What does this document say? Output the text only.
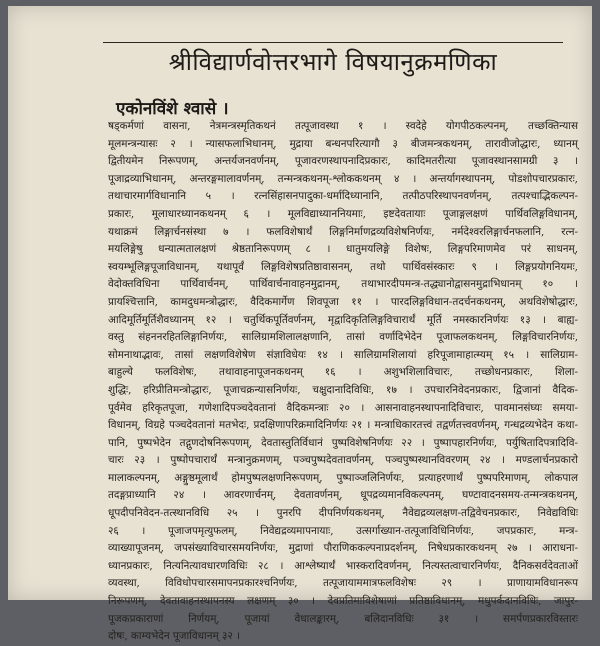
श्रीविद्यार्णवोत्तरभागे विषयानुक्रमणिका
एकोनविंशे श्वासे ।
षड्‌कर्मणां वासना, नेत्रमन्त्रस्मृतिकथनं तत्पूजावस्था १ । स्वदेहे योगपीठकल्पनम्, तच्छक्तिन्यास
मूलमन्त्रन्यासः २ । न्यासफलाभिधानम्, मुद्राया बन्धनपरित्यागौ ३ बीजमन्त्रकथनम्, तारावीजोद्धारः, ध्यानम्
द्वितीयमेन निरूपणम्, अन्तर्यजनवर्णनम्, पूजावरणस्थापनादिप्रकारः, कादिमतरीत्या पूजावस्थानसामग्री ३ ।
पूजाद्रव्याभिधानम्, अन्तरङ्गमालावर्णनम्, तन्मन्त्रकथनम्-श्लोककथनम् ४ । अन्तर्यागस्थापनम्, पोडशोपचारप्रकारः,
तथाचारमार्गविधानानि ५ । रत्नसिंहासनपादुका-धर्मादिध्यानानि, तत्पीठपरिस्थापनवर्णनम्, तत्पश्चाद्भिकल्पन-
प्रकारः, मूलाधारध्यानकथनम् ६ । मूलविद्याध्याननियमाः, इष्टदेवतायाः पूजाङ्गलक्षणं पार्थिवलिङ्गविधानम्,
यथाक्रमं लिङ्गार्चनसंस्था ७ । फलविशेषार्थं लिङ्गनिर्माणद्रव्यविशेषनिर्णयः, नर्मदेश्वरलिङ्गार्चनफलानि, रत्न-
मयलिङ्गेषु धन्यात्मतालक्षणं श्रेष्ठतानिरूपणम् ८ । धातुमयलिङ्गे विशेषः, लिङ्गपरिमाणमेव परं साधनम्,
स्वयम्भूलिङ्गपूजाविधानम्, यथापूर्वं लिङ्गविशेषप्रतिष्ठावासनम्, तथो पार्थिवसंस्कारः ९ । लिङ्गप्रयोगनियमः,
वेदोक्तविधिना पार्थिवार्चनम्, पार्थिवार्चनावाहनमुद्रानम्, तथाभारदीपमन्त्र-तद्ध्यानोद्वासनमुद्राभिधानम् १० ।
प्रायश्चित्तानि, कामदुधमन्त्रोद्धारः, वैदिकमार्गेण शिवपूजा ११ । पारदलिङ्गविधान-तदर्चनकथनम्, अथविशेषोद्धारः,
आदिमूर्तिमूर्तिशैवध्यानम् १२ । चतुर्थिकपूर्तिवर्णनम्, मृद्वादिकृतिलिङ्गविचारार्थं मूर्ति नमस्कारनिर्णयः १३ । बाह्य-
वस्तु संहननरहितलिङ्गानिर्णयः, सालिग्रामशिलालक्षणानि, तासां वर्णादिभेदेन पूजाफलकथनम्, लिङ्गविचारनिर्णयः,
सोमनाथाद्भावः, तासां लक्षणविशेषेण संज्ञाविधेयः १४ । सालिग्रामशिलायां हरिपूजामाहात्म्यम् १५ । सालिग्राम-
बाहुल्ये फलविशेषः, तथावाहनापूजनकथनम् १६ । अशुभशिलाविचारः, तच्छोधनप्रकारः, शिला-
शुद्धिः, हरिप्रीतिमन्त्रोद्धारः, पूजाचक्रन्यासनिर्णयः, चक्षुदानादिविधिः, १७ । उपचारनिवेदनप्रकारः, द्विजानां वैदिक-
पूर्वमेव हरिकृतपूजा, गणेशादिपञ्चदेवतानां वैदिकमन्त्राः २० । आसनावाहनस्थापनादिविचारः, पावमानसंघ्यः समया-
विधानम्, विग्रहे पञ्चदेवतानां मतभेदः, प्रदक्षिणापरिक्रमादिनिर्णयः २१ । मन्त्राधिकारतत्त्वं तद्वर्णतत्त्ववर्णनम्, गन्धद्रव्यभेदेन कथा-
पानि, पुष्पभेदेन तद्गुणदोषनिरूपणम्, देवतास्तुतिर्विधानं पुष्पविशेषनिर्णयः २२ । पुष्पापहारनिर्णयः, पर्युषितादिपत्रादिवि-
चारः २३ । पुष्पोपचारार्थं मन्त्रानुक्रमणम्, पञ्चपुष्पदेवतावर्णनम्, पञ्चपुष्पस्थानविवरणम् २४ । मण्डलार्चनप्रकारो
मालाकल्पनम्, अङ्गुष्ठमूलार्थं होमपुष्पलक्षणनिरूपणम्, पुष्पाञ्जलिनिर्णयः, प्रत्याहरणार्थं पुष्पपरिमाणम्, लोकपाल
तदङ्गप्राध्यानि २४ । आवरणार्चनम्, देवतावर्णनम्, धूपद्रव्यमानविकल्पनम्, घण्टावादनसमय-तन्मन्त्रकथनम्,
धूपदीपनिवेदन-तत्स्थानविधि २५ । पुनरपि दीपनिर्णयकथनम्, नैवेद्यद्रव्यलक्षण-तद्विवेचनप्रकारः, निवेद्यविधिः
२६ । पूजाजपमृत्युफलम्, निवेद्यद्रव्यमापनायाः, उत्सर्गाख्यान-तत्पूजाविधिनिर्णयः, जपप्रकारः, मन्त्र-
व्याख्यापूजनम्, जपसंख्याविचारसमयनिर्णयः, मुद्राणां पौराणिककल्पनाप्रदर्शनम्, निषेधप्रकारकथनम् २७ । आराधना-
ध्यानप्रकारः, नित्यनित्यावधारणविधिः २८ । आश्लेष्यार्थं भास्करादिवर्णनम्, नित्यस्तत्वाचारनिर्णयः, दैनिकसर्वदेवताओं
व्यवस्था, विविधोपचारसमापनप्रकारश्चनिर्णयः, तत्पूजायाममात्रफलविशेषः २९ । प्राणायामविधानरूप
निरूपणम्, देवतावाहनस्थापनस्य लक्षणम् ३० । देवप्रतिमाविशेषाणां प्रतिष्ठाविधानम्, मधुपर्कदानविधिः, जापुर-
पूजकप्रकाराणां निर्णयम्, पूजायां वेधालङ्कारम्, बलिदानविधिः ३१ । समर्पणप्रकारविस्तारः
दोषः, काम्यभेदेन पूजाविधानम् ३२ ।
